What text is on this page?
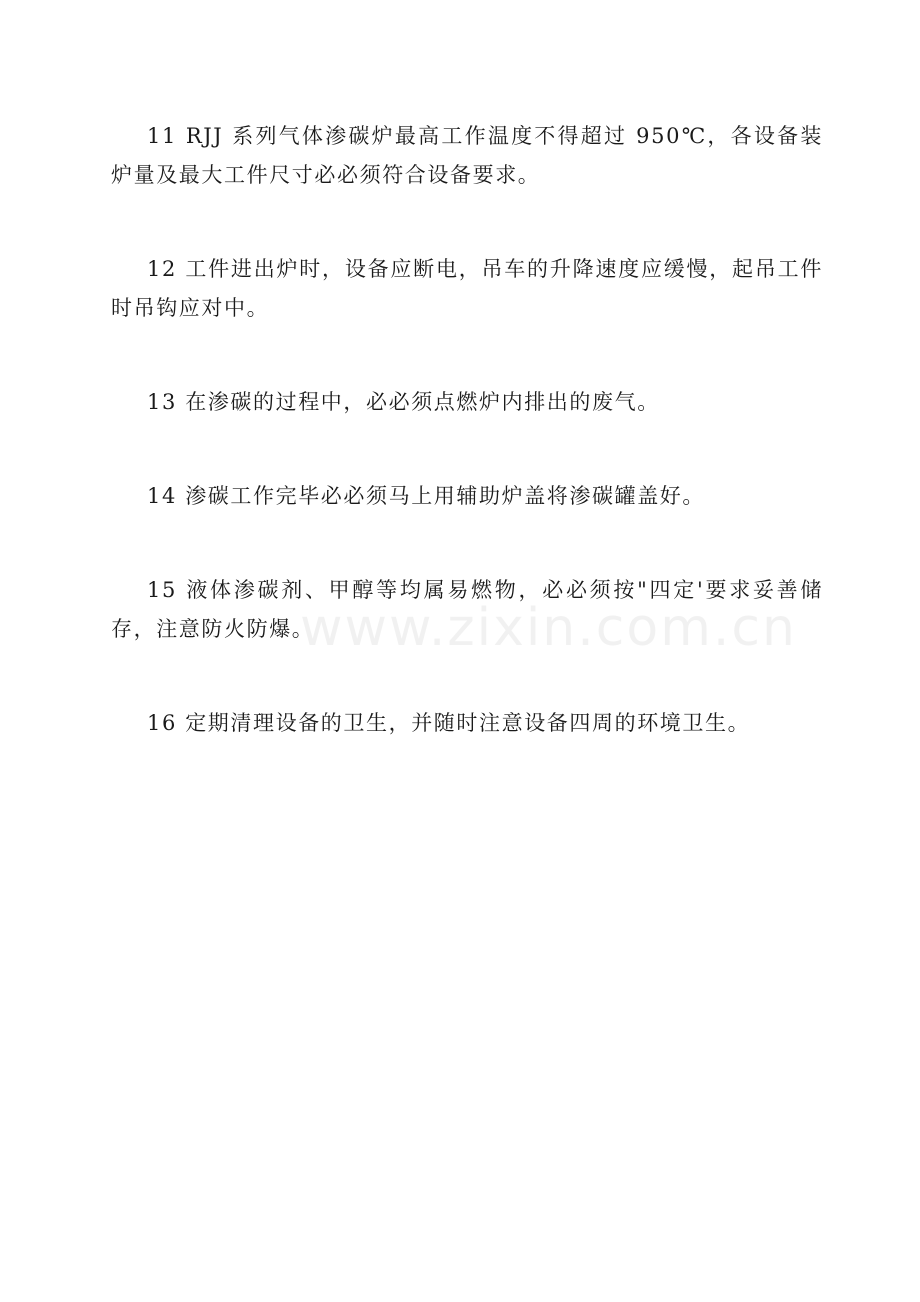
11 RJJ 系列气体渗碳炉最高工作温度不得超过 950℃，各设备装炉量及最大工件尺寸必必须符合设备要求。

12 工件进出炉时，设备应断电，吊车的升降速度应缓慢，起吊工件时吊钩应对中。

13 在渗碳的过程中，必必须点燃炉内排出的废气。

14 渗碳工作完毕必必须马上用辅助炉盖将渗碳罐盖好。

15 液体渗碳剂、甲醇等均属易燃物，必必须按"四定'要求妥善储存，注意防火防爆。

16 定期清理设备的卫生，并随时注意设备四周的环境卫生。

www.zixin.com.cn
